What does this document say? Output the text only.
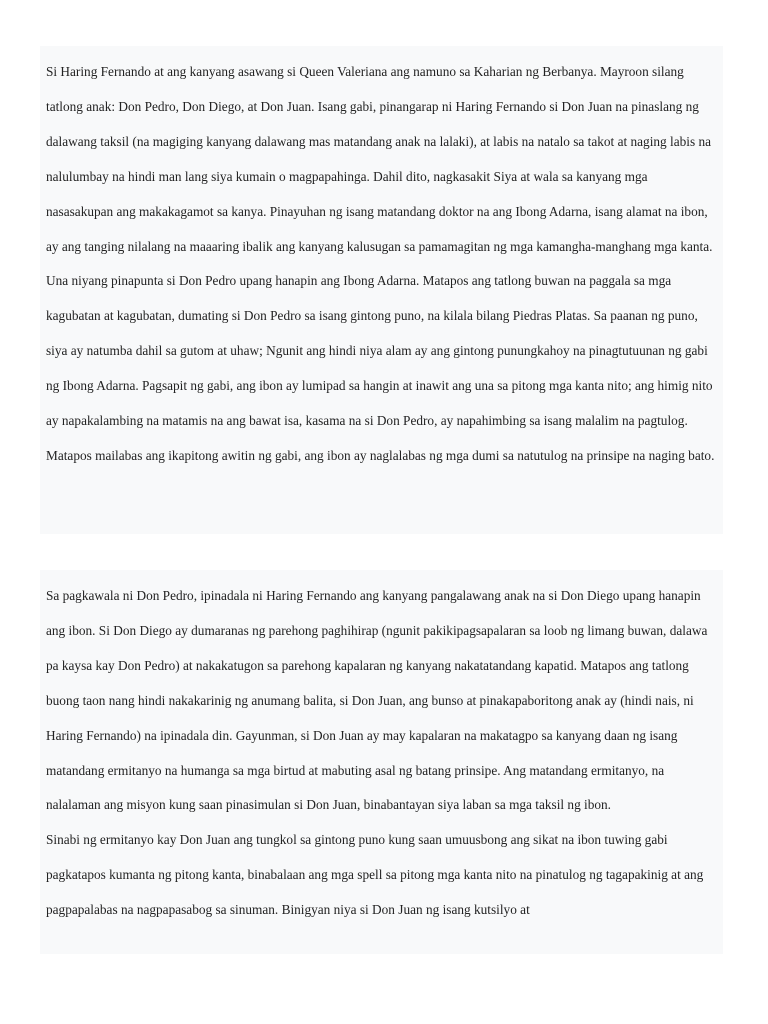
Si Haring Fernando at ang kanyang asawang si Queen Valeriana ang namuno sa Kaharian ng Berbanya. Mayroon silang tatlong anak: Don Pedro, Don Diego, at Don Juan. Isang gabi, pinangarap ni Haring Fernando si Don Juan na pinaslang ng dalawang taksil (na magiging kanyang dalawang mas matandang anak na lalaki), at labis na natalo sa takot at naging labis na nalulumbay na hindi man lang siya kumain o magpapahinga. Dahil dito, nagkasakit Siya at wala sa kanyang mga nasasakupan ang makakagamot sa kanya. Pinayuhan ng isang matandang doktor na ang Ibong Adarna, isang alamat na ibon, ay ang tanging nilalang na maaaring ibalik ang kanyang kalusugan sa pamamagitan ng mga kamangha-manghang mga kanta. Una niyang pinapunta si Don Pedro upang hanapin ang Ibong Adarna. Matapos ang tatlong buwan na paggala sa mga kagubatan at kagubatan, dumating si Don Pedro sa isang gintong puno, na kilala bilang Piedras Platas. Sa paanan ng puno, siya ay natumba dahil sa gutom at uhaw; Ngunit ang hindi niya alam ay ang gintong punungkahoy na pinagtutuunan ng gabi ng Ibong Adarna. Pagsapit ng gabi, ang ibon ay lumipad sa hangin at inawit ang una sa pitong mga kanta nito; ang himig nito ay napakalambing na matamis na ang bawat isa, kasama na si Don Pedro, ay napahimbing sa isang malalim na pagtulog. Matapos mailabas ang ikapitong awitin ng gabi, ang ibon ay naglalabas ng mga dumi sa natutulog na prinsipe na naging bato.

Sa pagkawala ni Don Pedro, ipinadala ni Haring Fernando ang kanyang pangalawang anak na si Don Diego upang hanapin ang ibon. Si Don Diego ay dumaranas ng parehong paghihirap (ngunit pakikipagsapalaran sa loob ng limang buwan, dalawa pa kaysa kay Don Pedro) at nakakatugon sa parehong kapalaran ng kanyang nakatatandang kapatid. Matapos ang tatlong buong taon nang hindi nakakarinig ng anumang balita, si Don Juan, ang bunso at pinakapaboritong anak ay (hindi nais, ni Haring Fernando) na ipinadala din. Gayunman, si Don Juan ay may kapalaran na makatagpo sa kanyang daan ng isang matandang ermitanyo na humanga sa mga birtud at mabuting asal ng batang prinsipe. Ang matandang ermitanyo, na nalalaman ang misyon kung saan pinasimulan si Don Juan, binabantayan siya laban sa mga taksil ng ibon.

Sinabi ng ermitanyo kay Don Juan ang tungkol sa gintong puno kung saan umuusbong ang sikat na ibon tuwing gabi pagkatapos kumanta ng pitong kanta, binabalaan ang mga spell sa pitong mga kanta nito na pinatulog ng tagapakinig at ang pagpapalabas na nagpapasabog sa sinuman. Binigyan niya si Don Juan ng isang kutsilyo at
